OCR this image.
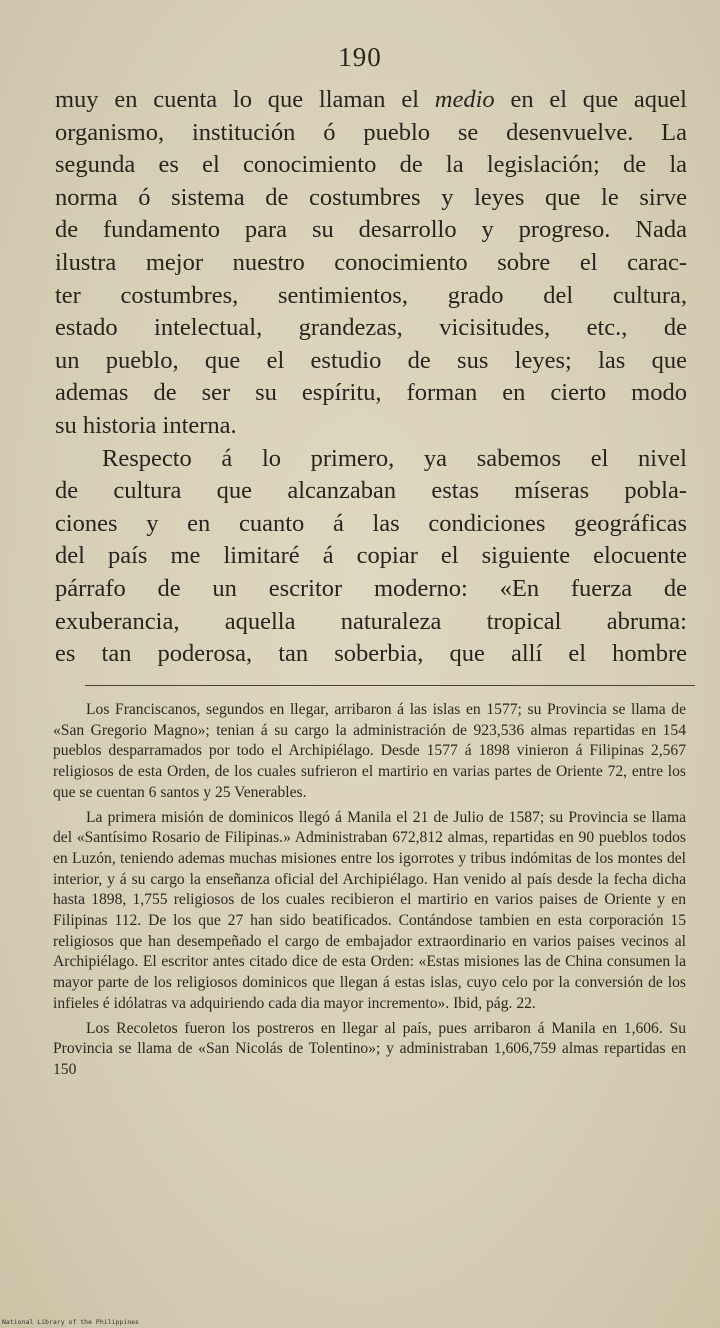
190
muy en cuenta lo que llaman el medio en el que aquel
organismo, institución ó pueblo se desenvuelve. La
segunda es el conocimiento de la legislación; de la
norma ó sistema de costumbres y leyes que le sirve
de fundamento para su desarrollo y progreso. Nada
ilustra mejor nuestro conocimiento sobre el carac-
ter costumbres, sentimientos, grado del cultura,
estado intelectual, grandezas, vicisitudes, etc., de
un pueblo, que el estudio de sus leyes; las que
ademas de ser su espíritu, forman en cierto modo
su historia interna.
Respecto á lo primero, ya sabemos el nivel
de cultura que alcanzaban estas míseras pobla-
ciones y en cuanto á las condiciones geográficas
del país me limitaré á copiar el siguiente elocuente
párrafo de un escritor moderno: «En fuerza de
exuberancia, aquella naturaleza tropical abruma:
es tan poderosa, tan soberbia, que allí el hombre

Los Franciscanos, segundos en llegar, arribaron á las islas en 1577; su Provincia se llama de «San Gregorio Magno»; tenian á su cargo la administración de 923,536 almas repartidas en 154 pueblos desparramados por todo el Archipiélago. Desde 1577 á 1898 vinieron á Filipinas 2,567 religiosos de esta Orden, de los cuales sufrieron el martirio en varias partes de Oriente 72, entre los que se cuentan 6 santos y 25 Venerables.

La primera misión de dominicos llegó á Manila el 21 de Julio de 1587; su Provincia se llama del «Santísimo Rosario de Filipinas.» Administraban 672,812 almas, repartidas en 90 pueblos todos en Luzón, teniendo ademas muchas misiones entre los igorrotes y tribus indómitas de los montes del interior, y á su cargo la enseñanza oficial del Archipiélago. Han venido al país desde la fecha dicha hasta 1898, 1,755 religiosos de los cuales recibieron el martirio en varios paises de Oriente y en Filipinas 112. De los que 27 han sido beatificados. Contándose tambien en esta corporación 15 religiosos que han desempeñado el cargo de embajador extraordinario en varios paises vecinos al Archipiélago. El escritor antes citado dice de esta Orden: «Estas misiones las de China consumen la mayor parte de los religiosos dominicos que llegan á estas islas, cuyo celo por la conversión de los infieles é idólatras va adquiriendo cada dia mayor incremento». Ibid, pág. 22.

Los Recoletos fueron los postreros en llegar al país, pues arribaron á Manila en 1,606. Su Provincia se llama de «San Nicolás de Tolentino»; y administraban 1,606,759 almas repartidas en 150

National Library of the Philippines
